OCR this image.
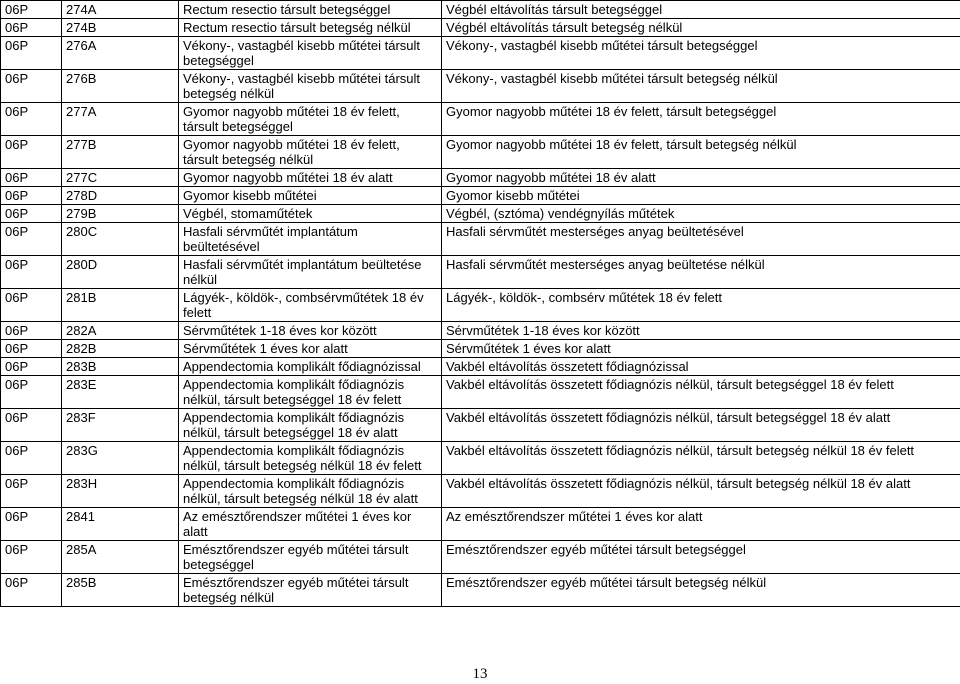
06P	274A	Rectum resectio társult betegséggel	Végbél eltávolítás társult betegséggel
06P	274B	Rectum resectio társult betegség nélkül	Végbél eltávolítás társult betegség nélkül
06P	276A	Vékony-, vastagbél kisebb műtétei társult betegséggel	Vékony-, vastagbél kisebb műtétei társult betegséggel
06P	276B	Vékony-, vastagbél kisebb műtétei társult betegség nélkül	Vékony-, vastagbél kisebb műtétei társult betegség nélkül
06P	277A	Gyomor nagyobb műtétei 18 év felett, társult betegséggel	Gyomor nagyobb műtétei 18 év felett, társult betegséggel
06P	277B	Gyomor nagyobb műtétei 18 év felett, társult betegség nélkül	Gyomor nagyobb műtétei 18 év felett, társult betegség nélkül
06P	277C	Gyomor nagyobb műtétei 18 év alatt	Gyomor nagyobb műtétei 18 év alatt
06P	278D	Gyomor kisebb műtétei	Gyomor kisebb műtétei
06P	279B	Végbél, stomaműtétek	Végbél, (sztóma) vendégnyílás műtétek
06P	280C	Hasfali sérvműtét implantátum beültetésével	Hasfali sérvműtét mesterséges anyag beültetésével
06P	280D	Hasfali sérvműtét implantátum beültetése nélkül	Hasfali sérvműtét mesterséges anyag beültetése nélkül
06P	281B	Lágyék-, köldök-, combsérvműtétek 18 év felett	Lágyék-, köldök-, combsérv műtétek 18 év felett
06P	282A	Sérvműtétek 1-18 éves kor között	Sérvműtétek 1-18 éves kor között
06P	282B	Sérvműtétek 1 éves kor alatt	Sérvműtétek 1 éves kor alatt
06P	283B	Appendectomia komplikált fődiagnózissal	Vakbél eltávolítás összetett fődiagnózissal
06P	283E	Appendectomia komplikált fődiagnózis nélkül, társult betegséggel 18 év felett	Vakbél eltávolítás összetett fődiagnózis nélkül, társult betegséggel 18 év felett
06P	283F	Appendectomia komplikált fődiagnózis nélkül, társult betegséggel 18 év alatt	Vakbél eltávolítás összetett fődiagnózis nélkül, társult betegséggel 18 év alatt
06P	283G	Appendectomia komplikált fődiagnózis nélkül, társult betegség nélkül 18 év felett	Vakbél eltávolítás összetett fődiagnózis nélkül, társult betegség nélkül 18 év felett
06P	283H	Appendectomia komplikált fődiagnózis nélkül, társult betegség nélkül 18 év alatt	Vakbél eltávolítás összetett fődiagnózis nélkül, társult betegség nélkül 18 év alatt
06P	2841	Az emésztőrendszer műtétei 1 éves kor alatt	Az emésztőrendszer műtétei 1 éves kor alatt
06P	285A	Emésztőrendszer egyéb műtétei társult betegséggel	Emésztőrendszer egyéb műtétei társult betegséggel
06P	285B	Emésztőrendszer egyéb műtétei társult betegség nélkül	Emésztőrendszer egyéb műtétei társult betegség nélkül
13
